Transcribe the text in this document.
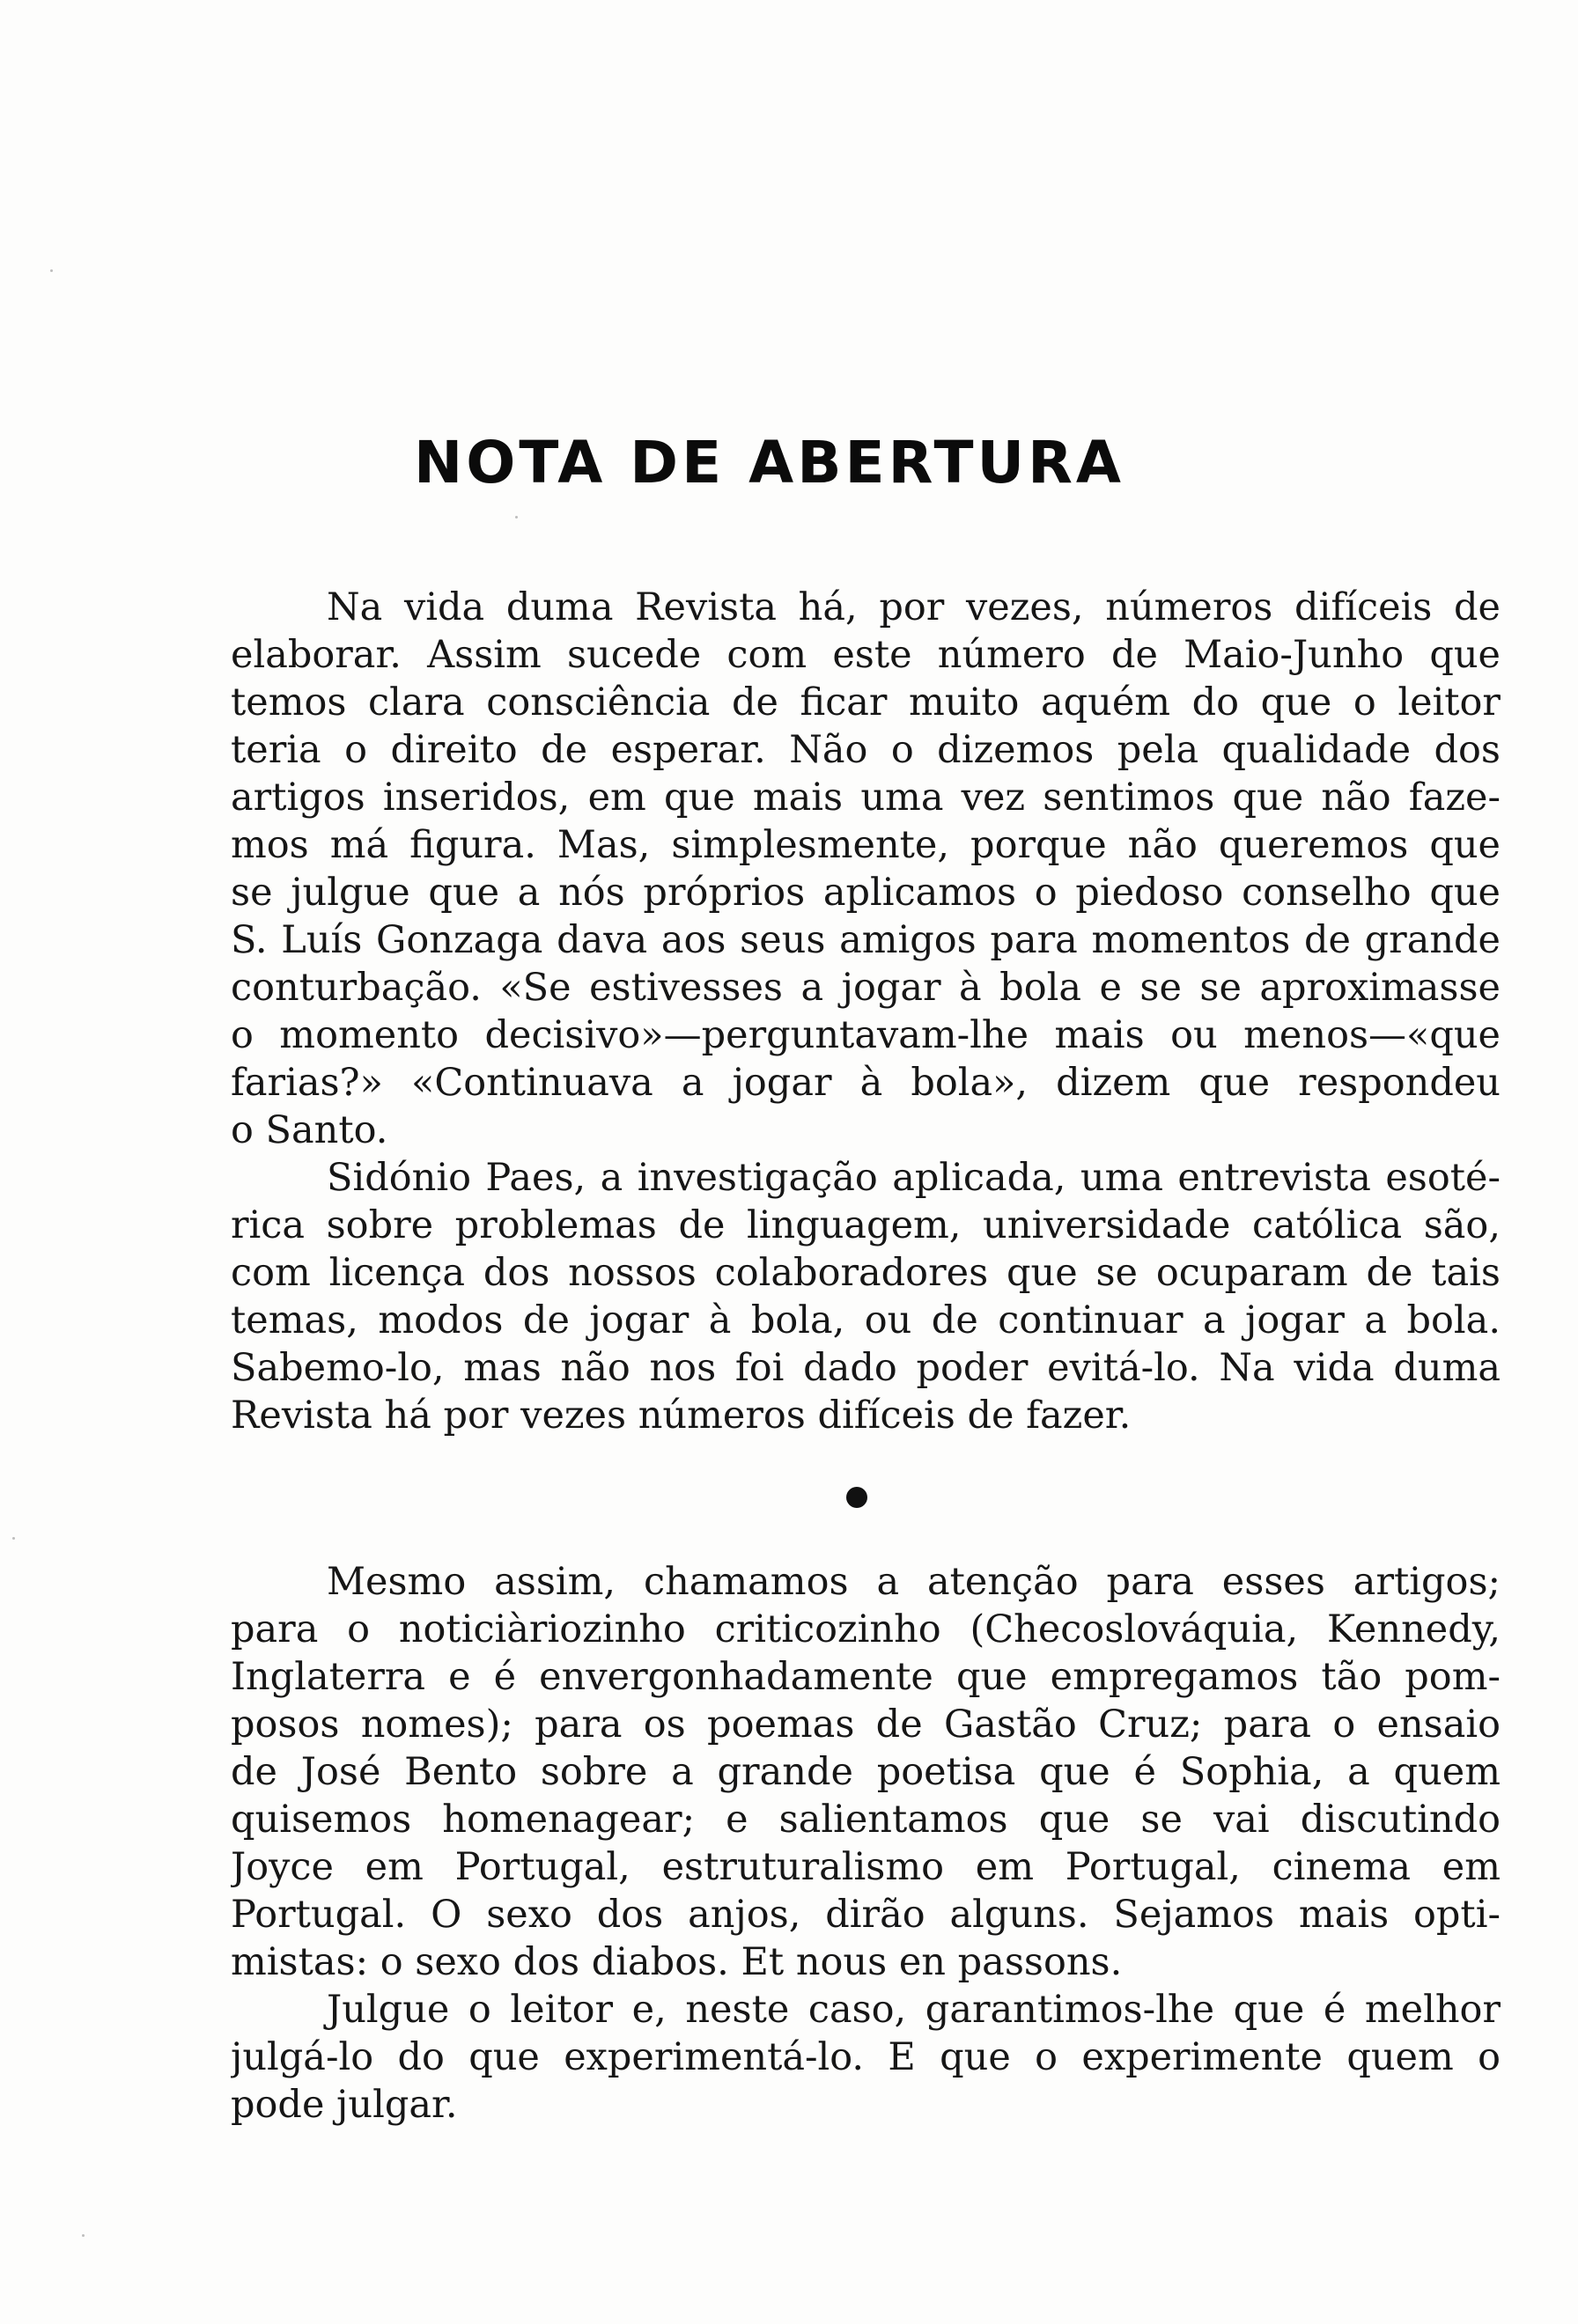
NOTA DE ABERTURA
Na vida duma Revista há, por vezes, números difíceis de
elaborar. Assim sucede com este número de Maio-Junho que
temos clara consciência de ficar muito aquém do que o leitor
teria o direito de esperar. Não o dizemos pela qualidade dos
artigos inseridos, em que mais uma vez sentimos que não faze-
mos má figura. Mas, simplesmente, porque não queremos que
se julgue que a nós próprios aplicamos o piedoso conselho que
S. Luís Gonzaga dava aos seus amigos para momentos de grande
conturbação. «Se estivesses a jogar à bola e se se aproximasse
o momento decisivo»—perguntavam-lhe mais ou menos—«que
farias?» «Continuava a jogar à bola», dizem que respondeu
o Santo.
Sidónio Paes, a investigação aplicada, uma entrevista esoté-
rica sobre problemas de linguagem, universidade católica são,
com licença dos nossos colaboradores que se ocuparam de tais
temas, modos de jogar à bola, ou de continuar a jogar a bola.
Sabemo-lo, mas não nos foi dado poder evitá-lo. Na vida duma
Revista há por vezes números difíceis de fazer.
Mesmo assim, chamamos a atenção para esses artigos;
para o noticiàriozinho criticozinho (Checoslováquia, Kennedy,
Inglaterra e é envergonhadamente que empregamos tão pom-
posos nomes); para os poemas de Gastão Cruz; para o ensaio
de José Bento sobre a grande poetisa que é Sophia, a quem
quisemos homenagear; e salientamos que se vai discutindo
Joyce em Portugal, estruturalismo em Portugal, cinema em
Portugal. O sexo dos anjos, dirão alguns. Sejamos mais opti-
mistas: o sexo dos diabos. Et nous en passons.
Julgue o leitor e, neste caso, garantimos-lhe que é melhor
julgá-lo do que experimentá-lo. E que o experimente quem o
pode julgar.
